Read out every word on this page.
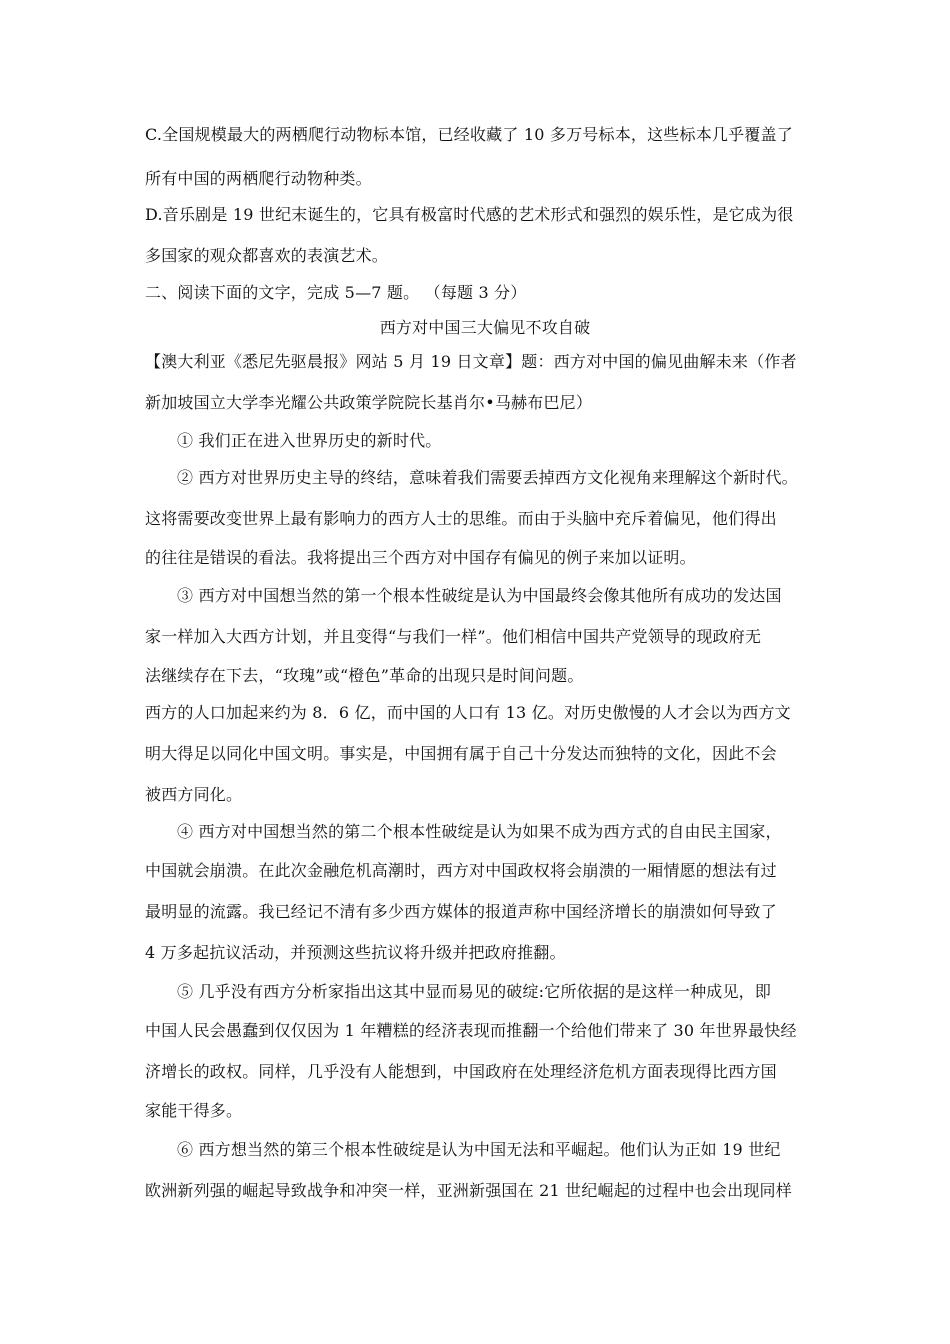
C.全国规模最大的两栖爬行动物标本馆，已经收藏了 10 多万号标本，这些标本几乎覆盖了
所有中国的两栖爬行动物种类。
D.音乐剧是 19 世纪末诞生的，它具有极富时代感的艺术形式和强烈的娱乐性，是它成为很
多国家的观众都喜欢的表演艺术。
二、阅读下面的文字，完成 5—7 题。 （每题 3 分）
西方对中国三大偏见不攻自破
【澳大利亚《悉尼先驱晨报》网站 5 月 19 日文章】题：西方对中国的偏见曲解未来（作者
新加坡国立大学李光耀公共政策学院院长基肖尔•马赫布巴尼）
① 我们正在进入世界历史的新时代。
② 西方对世界历史主导的终结，意味着我们需要丢掉西方文化视角来理解这个新时代。
这将需要改变世界上最有影响力的西方人士的思维。而由于头脑中充斥着偏见，他们得出
的往往是错误的看法。我将提出三个西方对中国存有偏见的例子来加以证明。
③ 西方对中国想当然的第一个根本性破绽是认为中国最终会像其他所有成功的发达国
家一样加入大西方计划，并且变得“与我们一样”。他们相信中国共产党领导的现政府无
法继续存在下去，“玫瑰”或“橙色”革命的出现只是时间问题。
西方的人口加起来约为 8．6 亿，而中国的人口有 13 亿。对历史傲慢的人才会以为西方文
明大得足以同化中国文明。事实是，中国拥有属于自己十分发达而独特的文化，因此不会
被西方同化。
④ 西方对中国想当然的第二个根本性破绽是认为如果不成为西方式的自由民主国家，
中国就会崩溃。在此次金融危机高潮时，西方对中国政权将会崩溃的一厢情愿的想法有过
最明显的流露。我已经记不清有多少西方媒体的报道声称中国经济增长的崩溃如何导致了
4 万多起抗议活动，并预测这些抗议将升级并把政府推翻。
⑤ 几乎没有西方分析家指出这其中显而易见的破绽:它所依据的是这样一种成见，即
中国人民会愚蠢到仅仅因为 1 年糟糕的经济表现而推翻一个给他们带来了 30 年世界最快经
济增长的政权。同样，几乎没有人能想到，中国政府在处理经济危机方面表现得比西方国
家能干得多。
⑥ 西方想当然的第三个根本性破绽是认为中国无法和平崛起。他们认为正如 19 世纪
欧洲新列强的崛起导致战争和冲突一样，亚洲新强国在 21 世纪崛起的过程中也会出现同样
